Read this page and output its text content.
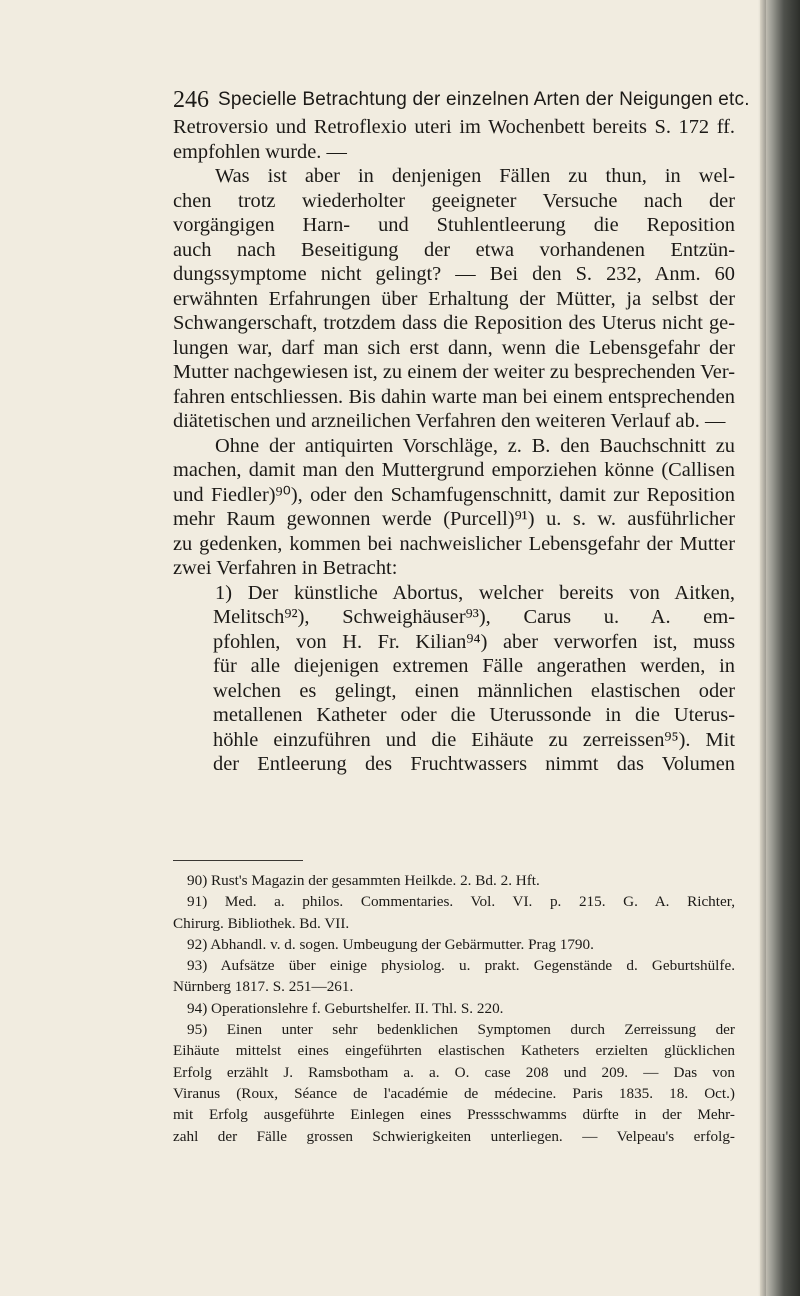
246 Specielle Betrachtung der einzelnen Arten der Neigungen etc.
Retroversio und Retroflexio uteri im Wochenbett bereits S. 172 ff.
empfohlen wurde. —
Was ist aber in denjenigen Fällen zu thun, in wel-
chen trotz wiederholter geeigneter Versuche nach der
vorgängigen Harn- und Stuhlentleerung die Reposition
auch nach Beseitigung der etwa vorhandenen Entzün-
dungssymptome nicht gelingt? — Bei den S. 232, Anm. 60
erwähnten Erfahrungen über Erhaltung der Mütter, ja selbst der
Schwangerschaft, trotzdem dass die Reposition des Uterus nicht ge-
lungen war, darf man sich erst dann, wenn die Lebensgefahr der
Mutter nachgewiesen ist, zu einem der weiter zu besprechenden Ver-
fahren entschliessen. Bis dahin warte man bei einem entsprechenden
diätetischen und arzneilichen Verfahren den weiteren Verlauf ab. —
Ohne der antiquirten Vorschläge, z. B. den Bauchschnitt zu
machen, damit man den Muttergrund emporziehen könne (Callisen
und Fiedler)⁹⁰), oder den Schamfugenschnitt, damit zur Reposition
mehr Raum gewonnen werde (Purcell)⁹¹) u. s. w. ausführlicher
zu gedenken, kommen bei nachweislicher Lebensgefahr der Mutter
zwei Verfahren in Betracht:
1) Der künstliche Abortus, welcher bereits von Aitken,
Melitsch⁹²), Schweighäuser⁹³), Carus u. A. em-
pfohlen, von H. Fr. Kilian⁹⁴) aber verworfen ist, muss
für alle diejenigen extremen Fälle angerathen werden, in
welchen es gelingt, einen männlichen elastischen oder
metallenen Katheter oder die Uterussonde in die Uterus-
höhle einzuführen und die Eihäute zu zerreissen⁹⁵). Mit
der Entleerung des Fruchtwassers nimmt das Volumen
90) Rust's Magazin der gesammten Heilkde. 2. Bd. 2. Hft.
91) Med. a. philos. Commentaries. Vol. VI. p. 215. G. A. Richter,
Chirurg. Bibliothek. Bd. VII.
92) Abhandl. v. d. sogen. Umbeugung der Gebärmutter. Prag 1790.
93) Aufsätze über einige physiolog. u. prakt. Gegenstände d. Geburtshülfe.
Nürnberg 1817. S. 251—261.
94) Operationslehre f. Geburtshelfer. II. Thl. S. 220.
95) Einen unter sehr bedenklichen Symptomen durch Zerreissung der
Eihäute mittelst eines eingeführten elastischen Katheters erzielten glücklichen
Erfolg erzählt J. Ramsbotham a. a. O. case 208 und 209. — Das von
Viranus (Roux, Séance de l'académie de médecine. Paris 1835. 18. Oct.)
mit Erfolg ausgeführte Einlegen eines Pressschwamms dürfte in der Mehr-
zahl der Fälle grossen Schwierigkeiten unterliegen. — Velpeau's erfolg-
